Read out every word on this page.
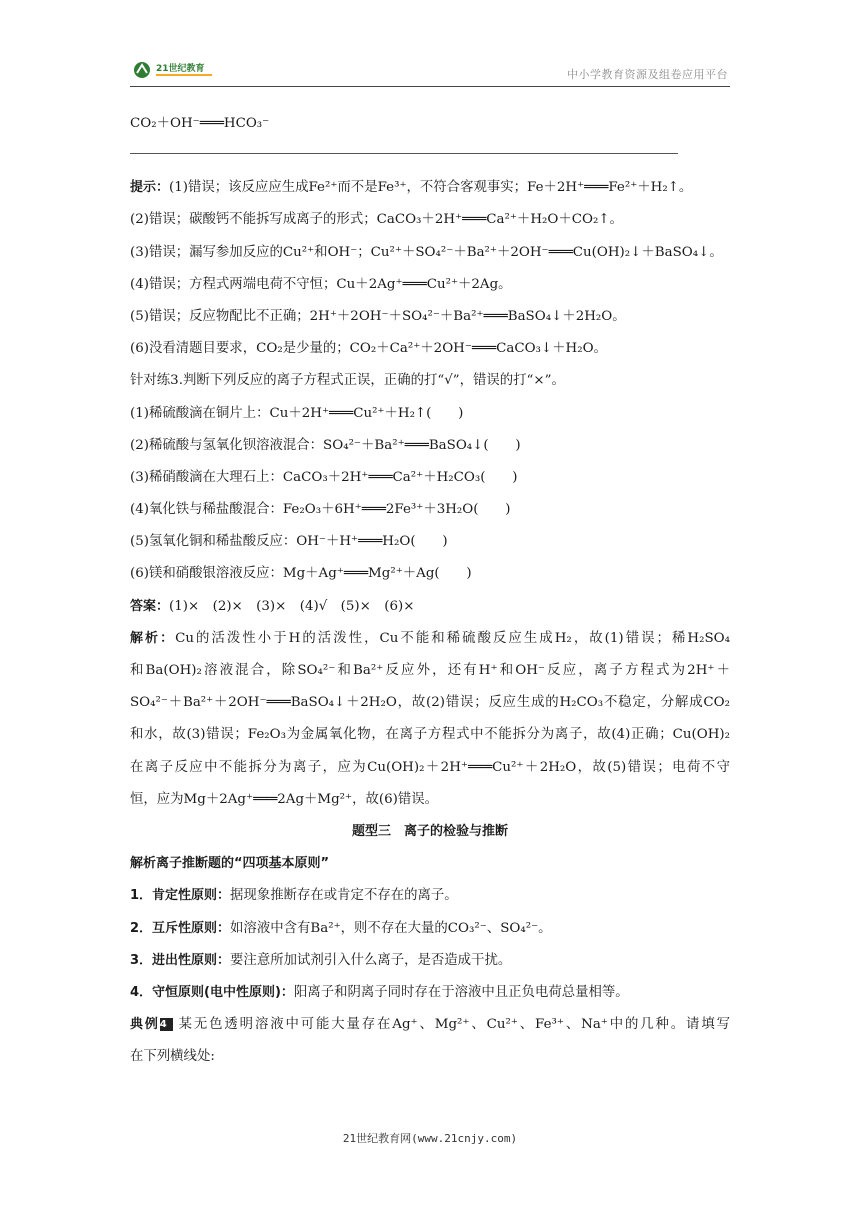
21世纪教育	中小学教育资源及组卷应用平台
CO₂＋OH⁻═══HCO₃⁻
提示：(1)错误；该反应应生成Fe²⁺而不是Fe³⁺，不符合客观事实；Fe＋2H⁺═══Fe²⁺＋H₂↑。
(2)错误；碳酸钙不能拆写成离子的形式；CaCO₃＋2H⁺═══Ca²⁺＋H₂O＋CO₂↑。
(3)错误；漏写参加反应的Cu²⁺和OH⁻；Cu²⁺＋SO₄²⁻＋Ba²⁺＋2OH⁻═══Cu(OH)₂↓＋BaSO₄↓。
(4)错误；方程式两端电荷不守恒；Cu＋2Ag⁺═══Cu²⁺＋2Ag。
(5)错误；反应物配比不正确；2H⁺＋2OH⁻＋SO₄²⁻＋Ba²⁺═══BaSO₄↓＋2H₂O。
(6)没看清题目要求，CO₂是少量的；CO₂＋Ca²⁺＋2OH⁻═══CaCO₃↓＋H₂O。
针对练3.判断下列反应的离子方程式正误，正确的打“√”，错误的打“×”。
(1)稀硫酸滴在铜片上：Cu＋2H⁺═══Cu²⁺＋H₂↑(　　)
(2)稀硫酸与氢氧化钡溶液混合：SO₄²⁻＋Ba²⁺═══BaSO₄↓(　　)
(3)稀硝酸滴在大理石上：CaCO₃＋2H⁺═══Ca²⁺＋H₂CO₃(　　)
(4)氧化铁与稀盐酸混合：Fe₂O₃＋6H⁺═══2Fe³⁺＋3H₂O(　　)
(5)氢氧化铜和稀盐酸反应：OH⁻＋H⁺═══H₂O(　　)
(6)镁和硝酸银溶液反应：Mg＋Ag⁺═══Mg²⁺＋Ag(　　)
答案：(1)×　(2)×　(3)×　(4)√　(5)×　(6)×
解析：Cu的活泼性小于H的活泼性，Cu不能和稀硫酸反应生成H₂，故(1)错误；稀H₂SO₄
和Ba(OH)₂溶液混合，除SO₄²⁻和Ba²⁺反应外，还有H⁺和OH⁻反应，离子方程式为2H⁺＋
SO₄²⁻＋Ba²⁺＋2OH⁻═══BaSO₄↓＋2H₂O，故(2)错误；反应生成的H₂CO₃不稳定，分解成CO₂
和水，故(3)错误；Fe₂O₃为金属氧化物，在离子方程式中不能拆分为离子，故(4)正确；Cu(OH)₂
在离子反应中不能拆分为离子，应为Cu(OH)₂＋2H⁺═══Cu²⁺＋2H₂O，故(5)错误；电荷不守
恒，应为Mg＋2Ag⁺═══2Ag＋Mg²⁺，故(6)错误。
题型三　离子的检验与推断
解析离子推断题的“四项基本原则”
1．肯定性原则：据现象推断存在或肯定不存在的离子。
2．互斥性原则：如溶液中含有Ba²⁺，则不存在大量的CO₃²⁻、SO₄²⁻。
3．进出性原则：要注意所加试剂引入什么离子，是否造成干扰。
4．守恒原则(电中性原则)：阳离子和阴离子同时存在于溶液中且正负电荷总量相等。
典例4 某无色透明溶液中可能大量存在Ag⁺、Mg²⁺、Cu²⁺、Fe³⁺、Na⁺中的几种。请填写
在下列横线处:
21世纪教育网(www.21cnjy.com)
